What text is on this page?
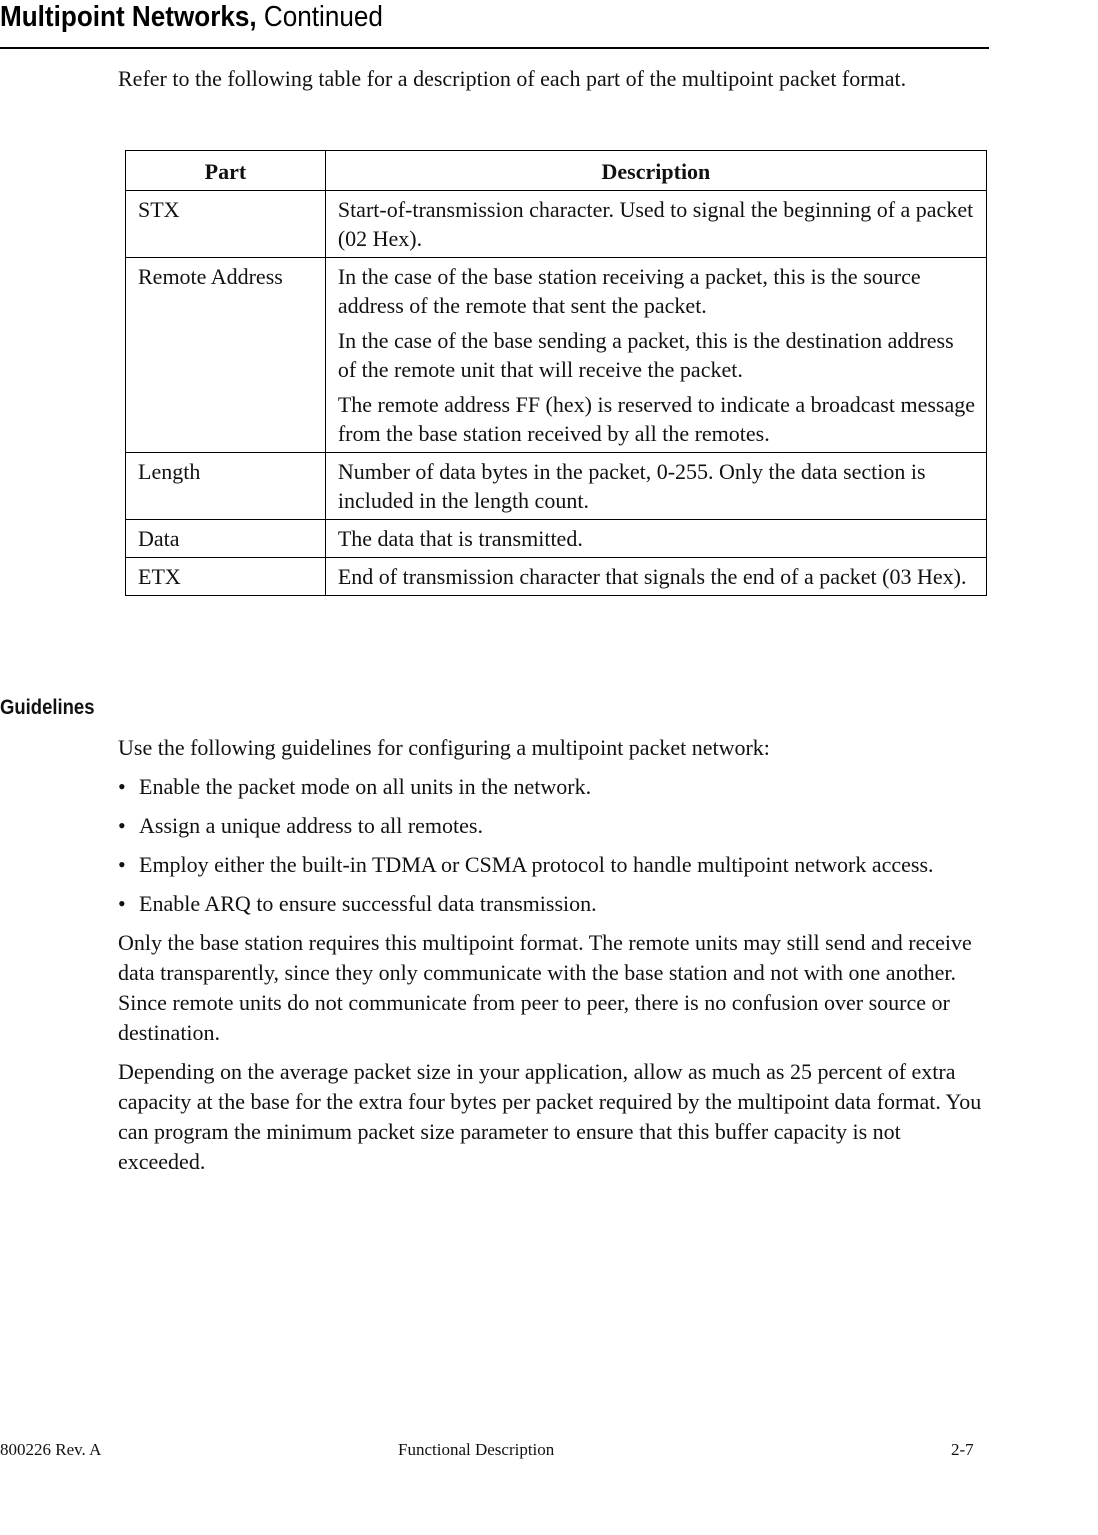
Multipoint Networks, Continued

Refer to the following table for a description of each part of the multipoint packet format.

Part	Description
STX	Start-of-transmission character. Used to signal the beginning of a packet (02 Hex).

Remote Address	In the case of the base station receiving a packet, this is the source address of the remote that sent the packet.

In the case of the base sending a packet, this is the destination address of the remote unit that will receive the packet.

The remote address FF (hex) is reserved to indicate a broadcast message from the base station received by all the remotes.

Length	Number of data bytes in the packet, 0-255. Only the data section is included in the length count.

Data	The data that is transmitted.

ETX	End of transmission character that signals the end of a packet (03 Hex).

Guidelines

Use the following guidelines for configuring a multipoint packet network:

• Enable the packet mode on all units in the network.
• Assign a unique address to all remotes.
• Employ either the built-in TDMA or CSMA protocol to handle multipoint network access.
• Enable ARQ to ensure successful data transmission.

Only the base station requires this multipoint format. The remote units may still send and receive data transparently, since they only communicate with the base station and not with one another. Since remote units do not communicate from peer to peer, there is no confusion over source or destination.

Depending on the average packet size in your application, allow as much as 25 percent of extra capacity at the base for the extra four bytes per packet required by the multipoint data format. You can program the minimum packet size parameter to ensure that this buffer capacity is not exceeded.

800226 Rev. A	Functional Description	2-7
